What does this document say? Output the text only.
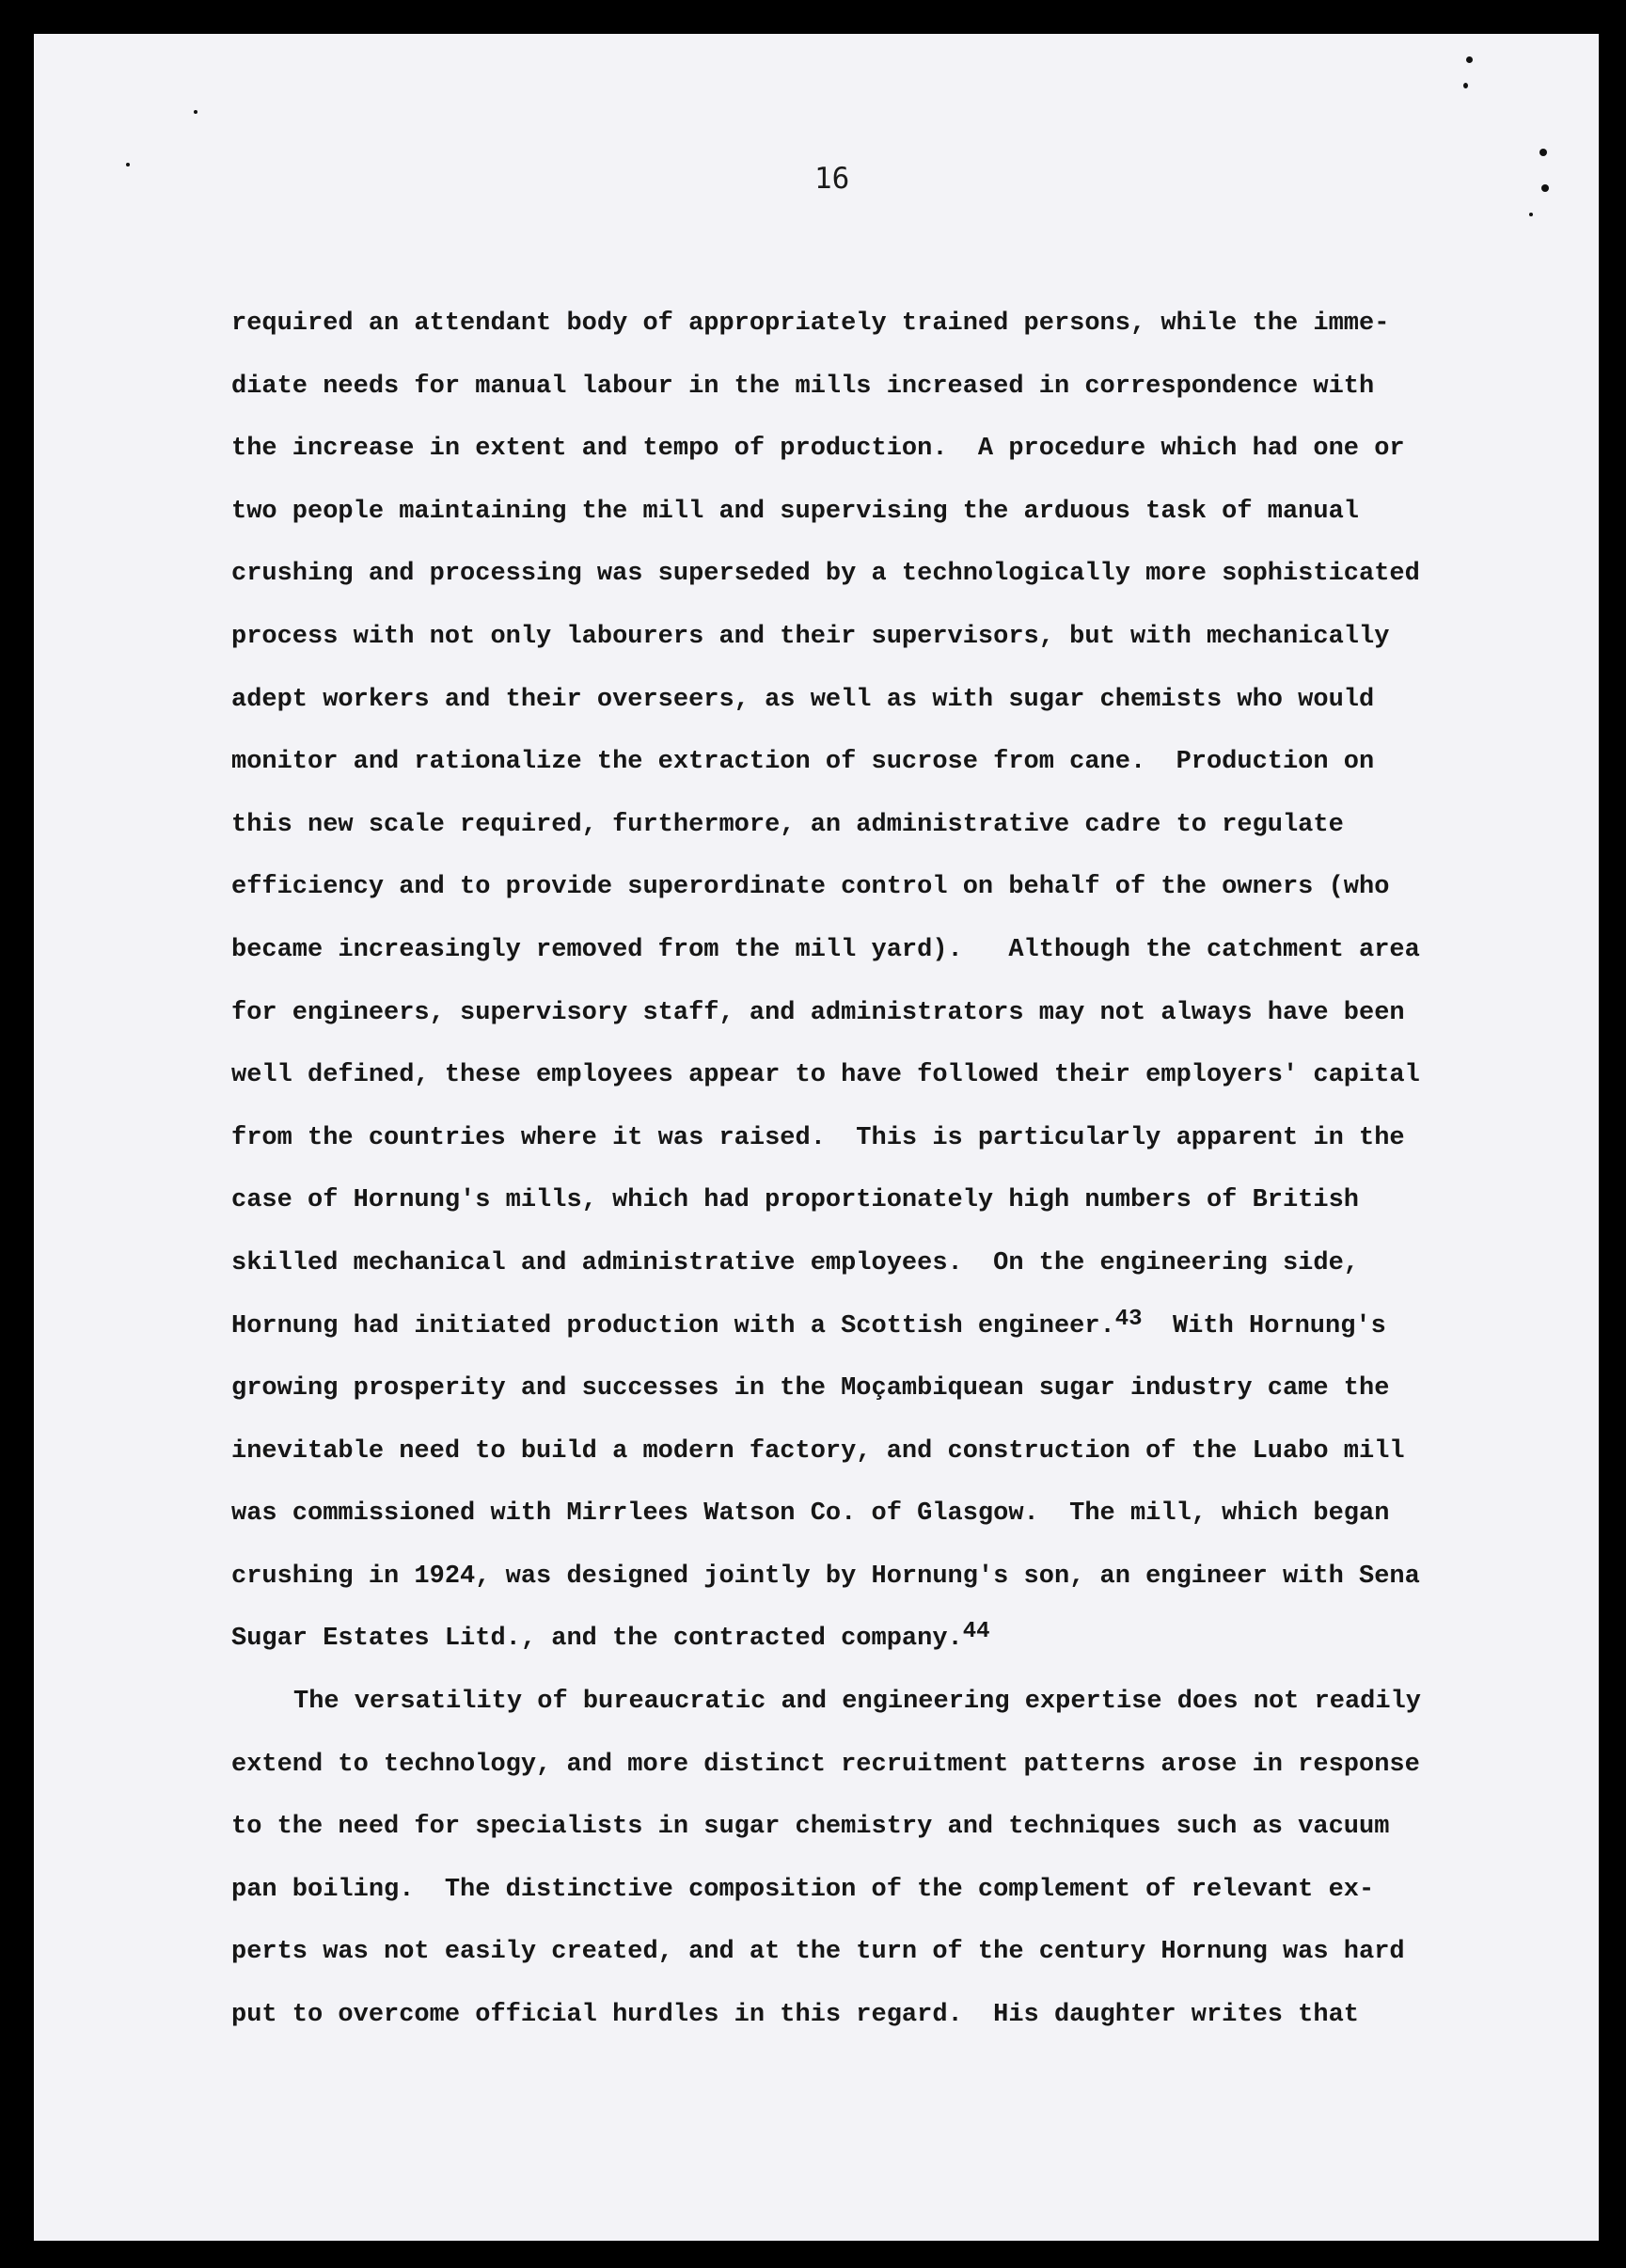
16
required an attendant body of appropriately trained persons, while the imme-
diate needs for manual labour in the mills increased in correspondence with
the increase in extent and tempo of production.  A procedure which had one or
two people maintaining the mill and supervising the arduous task of manual
crushing and processing was superseded by a technologically more sophisticated
process with not only labourers and their supervisors, but with mechanically
adept workers and their overseers, as well as with sugar chemists who would
monitor and rationalize the extraction of sucrose from cane.  Production on
this new scale required, furthermore, an administrative cadre to regulate
efficiency and to provide superordinate control on behalf of the owners (who
became increasingly removed from the mill yard).   Although the catchment area
for engineers, supervisory staff, and administrators may not always have been
well defined, these employees appear to have followed their employers' capital
from the countries where it was raised.  This is particularly apparent in the
case of Hornung's mills, which had proportionately high numbers of British
skilled mechanical and administrative employees.  On the engineering side,
Hornung had initiated production with a Scottish engineer.$^{43}$  With Hornung's
growing prosperity and successes in the Moçambiquean sugar industry came the
inevitable need to build a modern factory, and construction of the Luabo mill
was commissioned with Mirrlees Watson Co. of Glasgow.  The mill, which began
crushing in 1924, was designed jointly by Hornung's son, an engineer with Sena
Sugar Estates Litd., and the contracted company.$^{44}$
The versatility of bureaucratic and engineering expertise does not readily
extend to technology, and more distinct recruitment patterns arose in response
to the need for specialists in sugar chemistry and techniques such as vacuum
pan boiling.  The distinctive composition of the complement of relevant ex-
perts was not easily created, and at the turn of the century Hornung was hard
put to overcome official hurdles in this regard.  His daughter writes that
